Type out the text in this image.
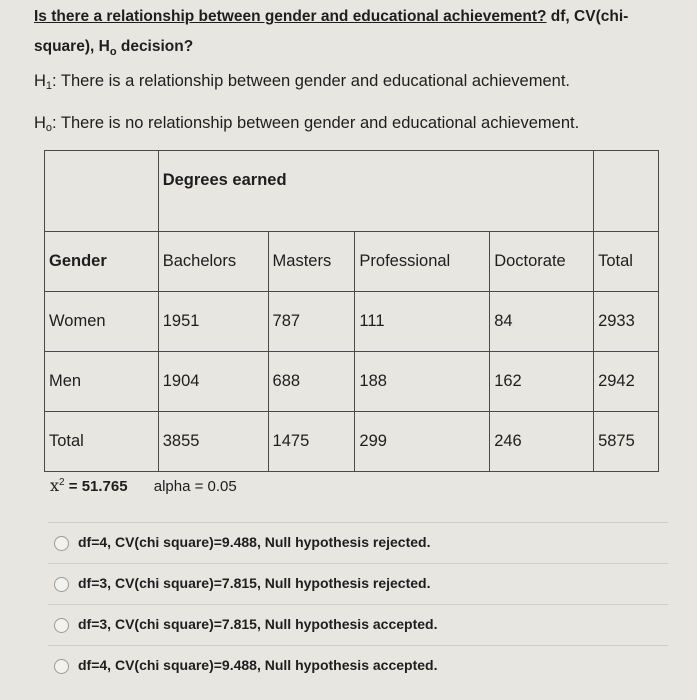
Is there a relationship between gender and educational achievement? df, CV(chi-
square), $H_o$ decision?
$H_1$: There is a relationship between gender and educational achievement.
$H_o$: There is no relationship between gender and educational achievement.
	Degrees earned				
Gender	Bachelors	Masters	Professional	Doctorate	Total
Women	1951	787	111	84	2933
Men	1904	688	188	162	2942
Total	3855	1475	299	246	5875
$x^2 = 51.765$ alpha = 0.05
df=4, CV(chi square)=9.488, Null hypothesis rejected.
df=3, CV(chi square)=7.815, Null hypothesis rejected.
df=3, CV(chi square)=7.815, Null hypothesis accepted.
df=4, CV(chi square)=9.488, Null hypothesis accepted.
